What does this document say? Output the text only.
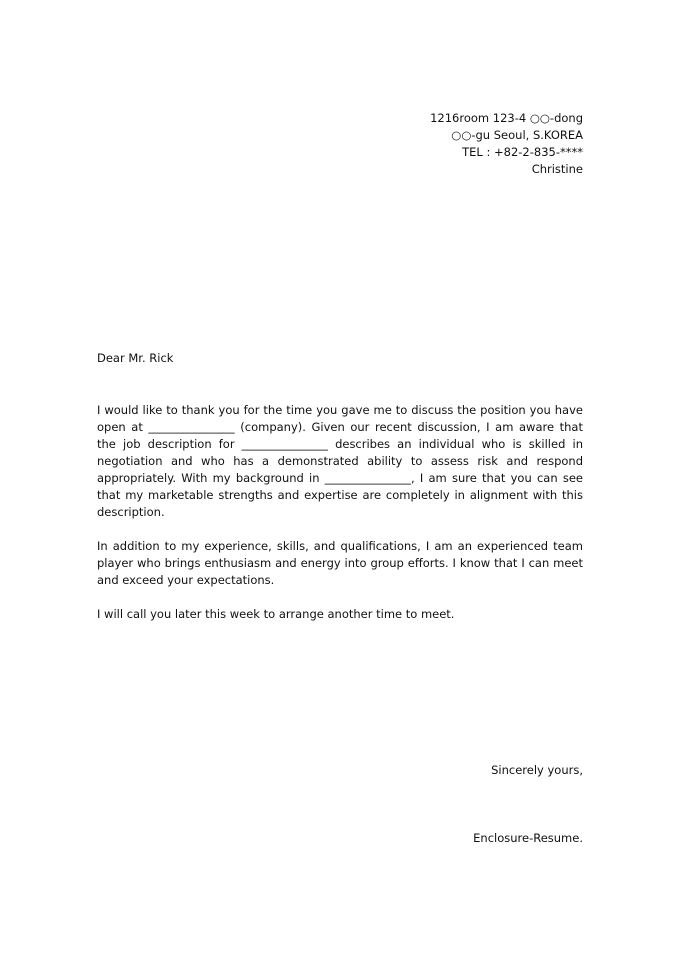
1216room 123-4 ○○-dong
○○-gu Seoul, S.KOREA
TEL : +82-2-835-****
Christine
Dear Mr. Rick

I would like to thank you for the time you gave me to discuss the position you have open at _______________ (company). Given our recent discussion, I am aware that the job description for _______________ describes an individual who is skilled in negotiation and who has a demonstrated ability to assess risk and respond appropriately. With my background in _______________, I am sure that you can see that my marketable strengths and expertise are completely in alignment with this description.

In addition to my experience, skills, and qualifications, I am an experienced team player who brings enthusiasm and energy into group efforts. I know that I can meet and exceed your expectations.

I will call you later this week to arrange another time to meet.

Sincerely yours,
Enclosure-Resume.
